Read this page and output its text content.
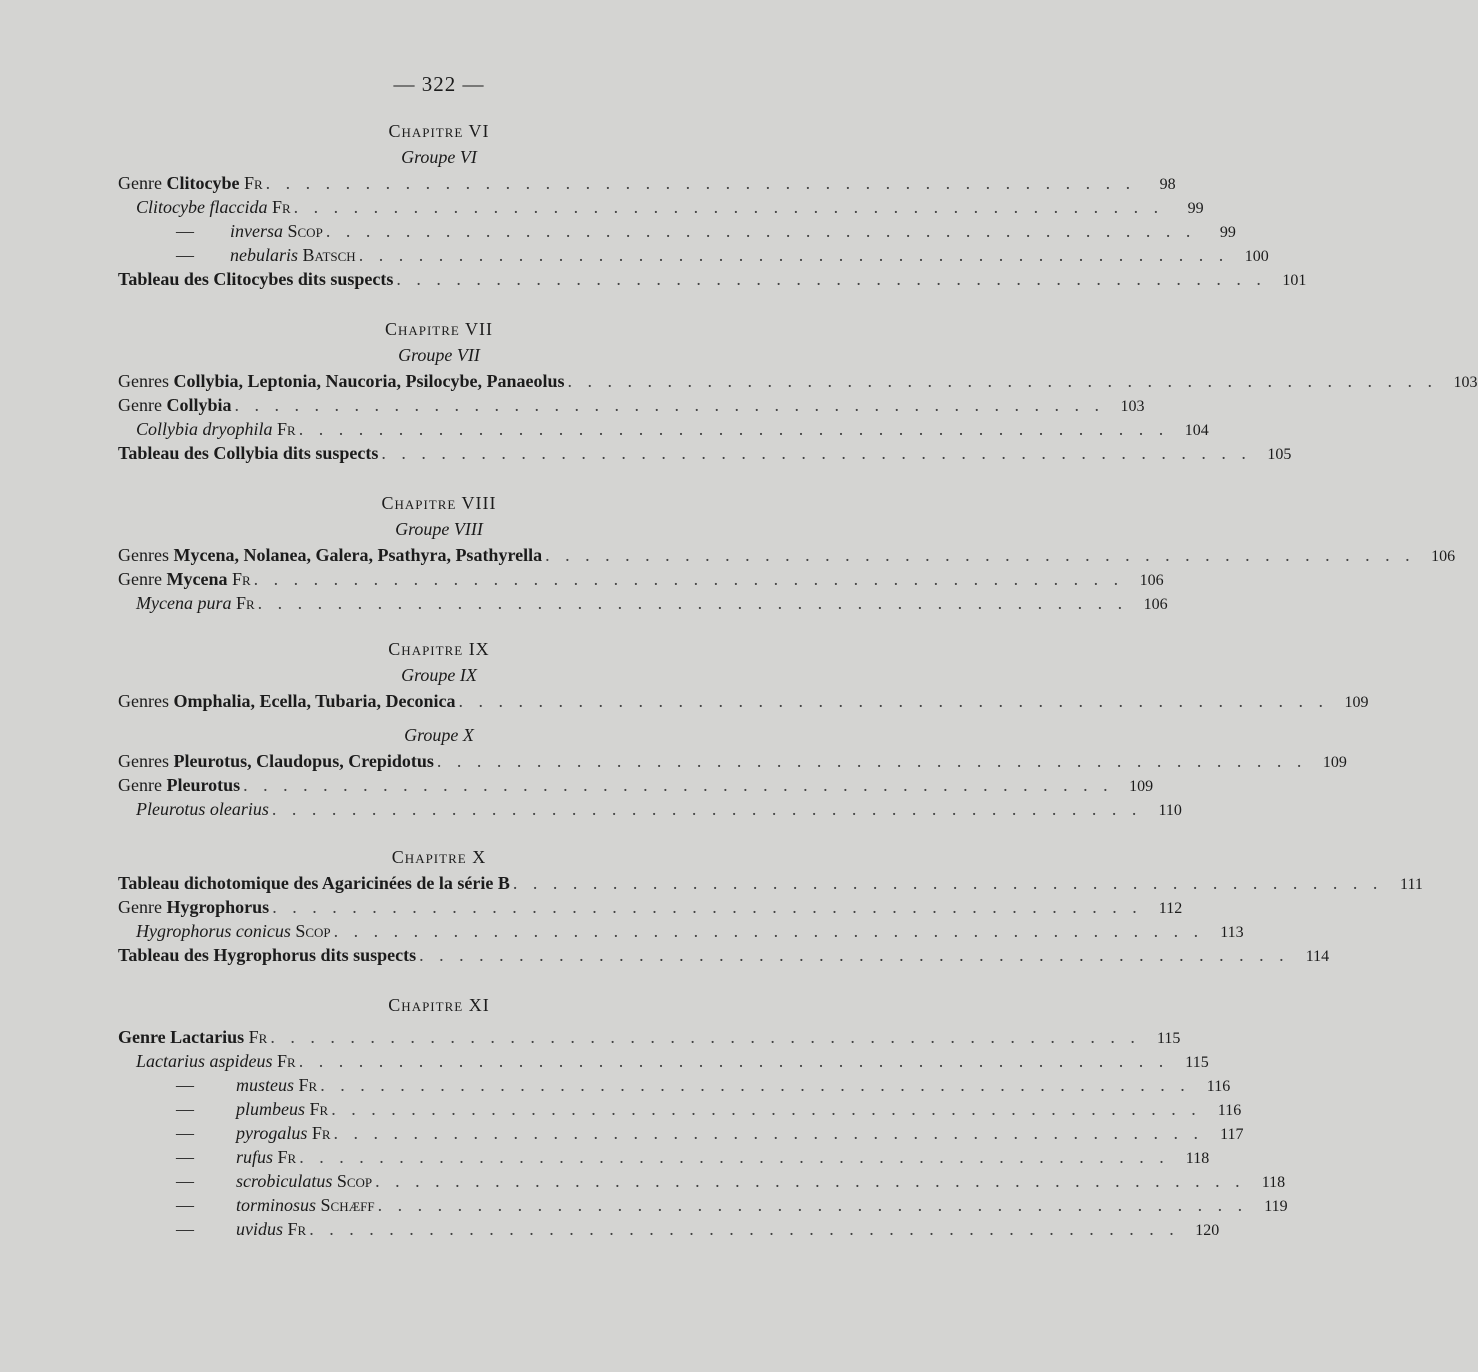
— 322 —
Chapitre VI
Groupe VI
Genre Clitocybe Fr . . . . . . . . . . . . . . . . . . . . . . . . . . . . . . . . . . . . . . . . . . . .	98
Clitocybe flaccida Fr . . . . . . . . . . . . . . . . . . . . . . . . . . . . . . . . . . . . . . . . . . . .	99
— inversa Scop . . . . . . . . . . . . . . . . . . . . . . . . . . . . . . . . . . . . . . . . . . . .	99
— nebularis Batsch . . . . . . . . . . . . . . . . . . . . . . . . . . . . . . . . . . . . . . . . . . . .	100
Tableau des Clitocybes dits suspects . . . . . . . . . . . . . . . . . . . . . . . . . . . . . . . . . . . . . . . . . . . .	101
Chapitre VII
Groupe VII
Genres Collybia, Leptonia, Naucoria, Psilocybe, Panaeolus . . . . . . . . . . . . . . . . . . . . . . . . . . . . . . . . . . . . . . . . . . . .	103
Genre Collybia . . . . . . . . . . . . . . . . . . . . . . . . . . . . . . . . . . . . . . . . . . . .	103
Collybia dryophila Fr . . . . . . . . . . . . . . . . . . . . . . . . . . . . . . . . . . . . . . . . . . . .	104
Tableau des Collybia dits suspects . . . . . . . . . . . . . . . . . . . . . . . . . . . . . . . . . . . . . . . . . . . .	105
Chapitre VIII
Groupe VIII
Genres Mycena, Nolanea, Galera, Psathyra, Psathyrella . . . . . . . . . . . . . . . . . . . . . . . . . . . . . . . . . . . . . . . . . . . .	106
Genre Mycena Fr . . . . . . . . . . . . . . . . . . . . . . . . . . . . . . . . . . . . . . . . . . . .	106
Mycena pura Fr . . . . . . . . . . . . . . . . . . . . . . . . . . . . . . . . . . . . . . . . . . . .	106
Chapitre IX
Groupe IX
Genres Omphalia, Ecella, Tubaria, Deconica . . . . . . . . . . . . . . . . . . . . . . . . . . . . . . . . . . . . . . . . . . . .	109
Groupe X
Genres Pleurotus, Claudopus, Crepidotus . . . . . . . . . . . . . . . . . . . . . . . . . . . . . . . . . . . . . . . . . . . .	109
Genre Pleurotus . . . . . . . . . . . . . . . . . . . . . . . . . . . . . . . . . . . . . . . . . . . .	109
Pleurotus olearius . . . . . . . . . . . . . . . . . . . . . . . . . . . . . . . . . . . . . . . . . . . .	110
Chapitre X
Tableau dichotomique des Agaricinées de la série B . . . . . . . . . . . . . . . . . . . . . . . . . . . . . . . . . . . . . . . . . . . .	111
Genre Hygrophorus . . . . . . . . . . . . . . . . . . . . . . . . . . . . . . . . . . . . . . . . . . . .	112
Hygrophorus conicus Scop . . . . . . . . . . . . . . . . . . . . . . . . . . . . . . . . . . . . . . . . . . . .	113
Tableau des Hygrophorus dits suspects . . . . . . . . . . . . . . . . . . . . . . . . . . . . . . . . . . . . . . . . . . . .	114
Chapitre XI
Genre Lactarius Fr . . . . . . . . . . . . . . . . . . . . . . . . . . . . . . . . . . . . . . . . . . . .	115
Lactarius aspideus Fr . . . . . . . . . . . . . . . . . . . . . . . . . . . . . . . . . . . . . . . . . . . .	115
— musteus Fr . . . . . . . . . . . . . . . . . . . . . . . . . . . . . . . . . . . . . . . . . . . .	116
— plumbeus Fr . . . . . . . . . . . . . . . . . . . . . . . . . . . . . . . . . . . . . . . . . . . .	116
— pyrogalus Fr . . . . . . . . . . . . . . . . . . . . . . . . . . . . . . . . . . . . . . . . . . . .	117
— rufus Fr . . . . . . . . . . . . . . . . . . . . . . . . . . . . . . . . . . . . . . . . . . . .	118
— scrobiculatus Scop . . . . . . . . . . . . . . . . . . . . . . . . . . . . . . . . . . . . . . . . . . . .	118
— torminosus Schæff . . . . . . . . . . . . . . . . . . . . . . . . . . . . . . . . . . . . . . . . . . . .	119
— uvidus Fr . . . . . . . . . . . . . . . . . . . . . . . . . . . . . . . . . . . . . . . . . . . .	120
